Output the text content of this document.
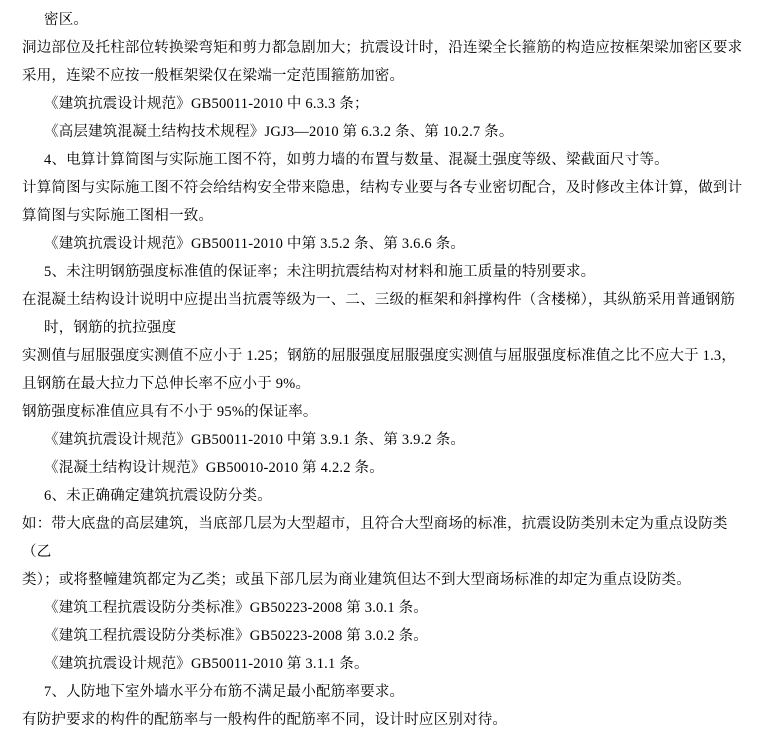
密区。
洞边部位及托柱部位转换梁弯矩和剪力都急剧加大；抗震设计时，沿连梁全长箍筋的构造应按框架梁加密区要求
采用，连梁不应按一般框架梁仅在梁端一定范围箍筋加密。
《建筑抗震设计规范》GB50011-2010 中 6.3.3 条；
《高层建筑混凝土结构技术规程》JGJ3—2010 第 6.3.2 条、第 10.2.7 条。
4、电算计算简图与实际施工图不符，如剪力墙的布置与数量、混凝土强度等级、梁截面尺寸等。
计算简图与实际施工图不符会给结构安全带来隐患，结构专业要与各专业密切配合，及时修改主体计算，做到计
算简图与实际施工图相一致。
《建筑抗震设计规范》GB50011-2010 中第 3.5.2 条、第 3.6.6 条。
5、未注明钢筋强度标准值的保证率；未注明抗震结构对材料和施工质量的特别要求。
在混凝土结构设计说明中应提出当抗震等级为一、二、三级的框架和斜撑构件（含楼梯），其纵筋采用普通钢筋
时，钢筋的抗拉强度
实测值与屈服强度实测值不应小于 1.25；钢筋的屈服强度屈服强度实测值与屈服强度标准值之比不应大于 1.3，
且钢筋在最大拉力下总伸长率不应小于 9%。
钢筋强度标准值应具有不小于 95%的保证率。
《建筑抗震设计规范》GB50011-2010 中第 3.9.1 条、第 3.9.2 条。
《混凝土结构设计规范》GB50010-2010 第 4.2.2 条。
6、未正确确定建筑抗震设防分类。
如：带大底盘的高层建筑，当底部几层为大型超市，且符合大型商场的标准，抗震设防类别未定为重点设防类（乙
类）；或将整幢建筑都定为乙类；或虽下部几层为商业建筑但达不到大型商场标准的却定为重点设防类。
《建筑工程抗震设防分类标准》GB50223-2008 第 3.0.1 条。
《建筑工程抗震设防分类标准》GB50223-2008 第 3.0.2 条。
《建筑抗震设计规范》GB50011-2010 第 3.1.1 条。
7、人防地下室外墙水平分布筋不满足最小配筋率要求。
有防护要求的构件的配筋率与一般构件的配筋率不同，设计时应区别对待。
